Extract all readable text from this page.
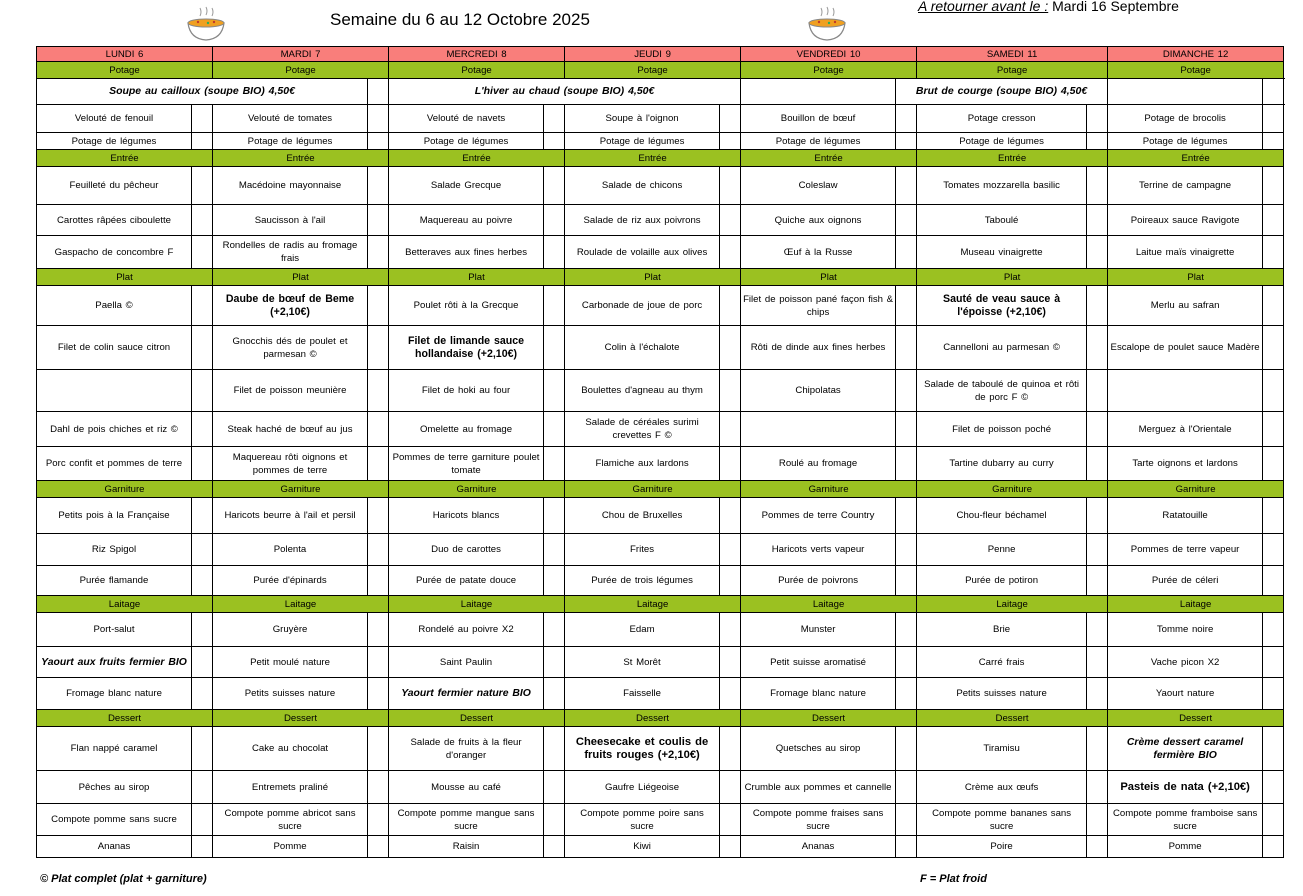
Semaine du 6 au 12 Octobre 2025
A retourner avant le : Mardi 16 Septembre
LUNDI 6		MARDI 7		MERCREDI 8		JEUDI 9		VENDREDI 10		SAMEDI 11		DIMANCHE 12		
Potage		Potage		Potage		Potage		Potage		Potage		Potage		
Soupe au cailloux (soupe BIO) 4,50€				L'hiver au chaud (soupe BIO) 4,50€					Brut de courge (soupe BIO) 4,50€					
Velouté de fenouil		Velouté de tomates		Velouté de navets		Soupe à l'oignon		Bouillon de bœuf		Potage cresson		Potage de brocolis		
Potage de légumes		Potage de légumes		Potage de légumes		Potage de légumes		Potage de légumes		Potage de légumes		Potage de légumes		
Entrée		Entrée		Entrée		Entrée		Entrée		Entrée		Entrée		
Feuilleté du pêcheur		Macédoine mayonnaise		Salade Grecque		Salade de chicons		Coleslaw		Tomates mozzarella basilic		Terrine de campagne		
Carottes râpées ciboulette		Saucisson à l'ail		Maquereau au poivre		Salade de riz aux poivrons		Quiche aux oignons		Taboulé		Poireaux sauce Ravigote		
Gaspacho de concombre F		Rondelles de radis au fromage frais		Betteraves aux fines herbes		Roulade de volaille aux olives		Œuf à la Russe		Museau vinaigrette		Laitue maïs vinaigrette		
Plat		Plat		Plat		Plat		Plat		Plat		Plat		
Paella ©		Daube de bœuf de Beme (+2,10€)		Poulet rôti à la Grecque		Carbonade de joue de porc		Filet de poisson pané façon fish & chips		Sauté de veau sauce à l'époisse (+2,10€)		Merlu au safran		
Filet de colin sauce citron		Gnocchis dés de poulet et parmesan ©		Filet de limande sauce hollandaise (+2,10€)		Colin à l'échalote		Rôti de dinde aux fines herbes		Cannelloni au parmesan ©		Escalope de poulet sauce Madère		
		Filet de poisson meunière		Filet de hoki au four		Boulettes d'agneau au thym		Chipolatas		Salade de taboulé de quinoa et rôti de porc F ©				
Dahl de pois chiches et riz ©		Steak haché de bœuf au jus		Omelette au fromage		Salade de céréales surimi crevettes F ©				Filet de poisson poché		Merguez à l'Orientale		
Porc confit et pommes de terre		Maquereau rôti oignons et pommes de terre		Pommes de terre garniture poulet tomate		Flamiche aux lardons		Roulé au fromage		Tartine dubarry au curry		Tarte oignons et lardons		
Garniture		Garniture		Garniture		Garniture		Garniture		Garniture		Garniture		
Petits pois à la Française		Haricots beurre à l'ail et persil		Haricots blancs		Chou de Bruxelles		Pommes de terre Country		Chou-fleur béchamel		Ratatouille		
Riz Spigol		Polenta		Duo de carottes		Frites		Haricots verts vapeur		Penne		Pommes de terre vapeur		
Purée flamande		Purée d'épinards		Purée de patate douce		Purée de trois légumes		Purée de poivrons		Purée de potiron		Purée de céleri		
Laitage		Laitage		Laitage		Laitage		Laitage		Laitage		Laitage		
Port-salut		Gruyère		Rondelé au poivre X2		Edam		Munster		Brie		Tomme noire		
Yaourt aux fruits fermier BIO		Petit moulé nature		Saint Paulin		St Morêt		Petit suisse aromatisé		Carré frais		Vache picon X2		
Fromage blanc nature		Petits suisses nature		Yaourt fermier nature BIO		Faisselle		Fromage blanc nature		Petits suisses nature		Yaourt nature		
Dessert		Dessert		Dessert		Dessert		Dessert		Dessert		Dessert		
Flan nappé caramel		Cake au chocolat		Salade de fruits à la fleur d'oranger		Cheesecake et coulis de fruits rouges (+2,10€)		Quetsches au sirop		Tiramisu		Crème dessert caramel fermière BIO		
Pêches au sirop		Entremets praliné		Mousse au café		Gaufre Liégeoise		Crumble aux pommes et cannelle		Crème aux œufs		Pasteis de nata (+2,10€)		
Compote pomme sans sucre		Compote pomme abricot sans sucre		Compote pomme mangue sans sucre		Compote pomme poire sans sucre		Compote pomme fraises sans sucre		Compote pomme bananes sans sucre		Compote pomme framboise sans sucre		
Ananas		Pomme		Raisin		Kiwi		Ananas		Poire		Pomme		
© Plat complet (plat + garniture)	F = Plat froid
